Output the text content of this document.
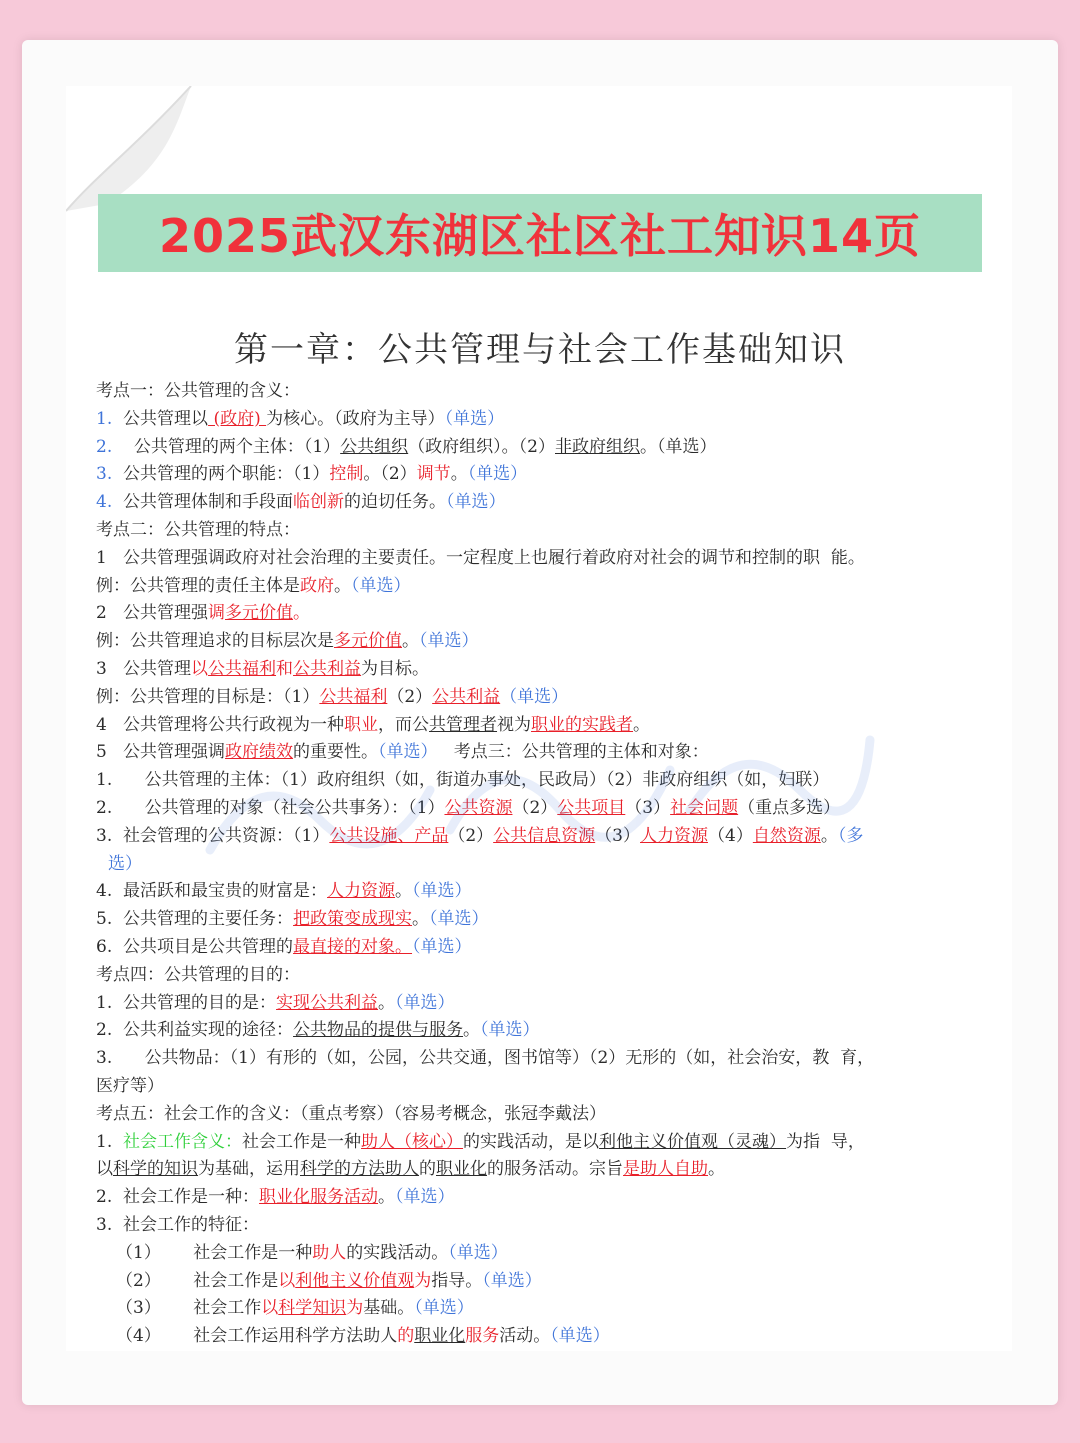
2025武汉东湖区社区社工知识14页
第一章：公共管理与社会工作基础知识
考点一：公共管理的含义：
1.  公共管理以 (政府) 为核心。（政府为主导）（单选）
2.    公共管理的两个主体：（1）公共组织（政府组织）。（2）非政府组织。（单选）
3.  公共管理的两个职能：（1）控制。（2）调节。（单选）
4.  公共管理体制和手段面临创新的迫切任务。（单选）
考点二：公共管理的特点：
1   公共管理强调政府对社会治理的主要责任。一定程度上也履行着政府对社会的调节和控制的职  能。
例：公共管理的责任主体是政府。（单选）
2   公共管理强调多元价值。
例：公共管理追求的目标层次是多元价值。（单选）
3   公共管理以公共福利和公共利益为目标。
例：公共管理的目标是：（1）公共福利（2）公共利益（单选）
4   公共管理将公共行政视为一种职业，而公共管理者视为职业的实践者。
5   公共管理强调政府绩效的重要性。（单选）   考点三：公共管理的主体和对象：
1.      公共管理的主体：（1）政府组织（如，街道办事处，民政局）（2）非政府组织（如，妇联）
2.      公共管理的对象（社会公共事务）：（1）公共资源（2）公共项目（3）社会问题（重点多选）
3.  社会管理的公共资源：（1）公共设施、产品（2）公共信息资源（3）人力资源（4）自然资源。（多
选）
4.  最活跃和最宝贵的财富是：人力资源。（单选）
5.  公共管理的主要任务：把政策变成现实。（单选）
6.  公共项目是公共管理的最直接的对象。（单选）
考点四：公共管理的目的：
1.  公共管理的目的是：实现公共利益。（单选）
2.  公共利益实现的途径：公共物品的提供与服务。（单选）
3.      公共物品：（1）有形的（如，公园，公共交通，图书馆等）（2）无形的（如，社会治安，教  育，
医疗等）
考点五：社会工作的含义：（重点考察）（容易考概念，张冠李戴法）
1.  社会工作含义：社会工作是一种助人（核心）的实践活动，是以利他主义价值观（灵魂）为指  导，
以科学的知识为基础，运用科学的方法助人的职业化的服务活动。宗旨是助人自助。
2.  社会工作是一种：职业化服务活动。（单选）
3.  社会工作的特征：
（1）      社会工作是一种助人的实践活动。（单选）
（2）      社会工作是以利他主义价值观为指导。（单选）
（3）      社会工作以科学知识为基础。（单选）
（4）      社会工作运用科学方法助人的职业化服务活动。（单选）
